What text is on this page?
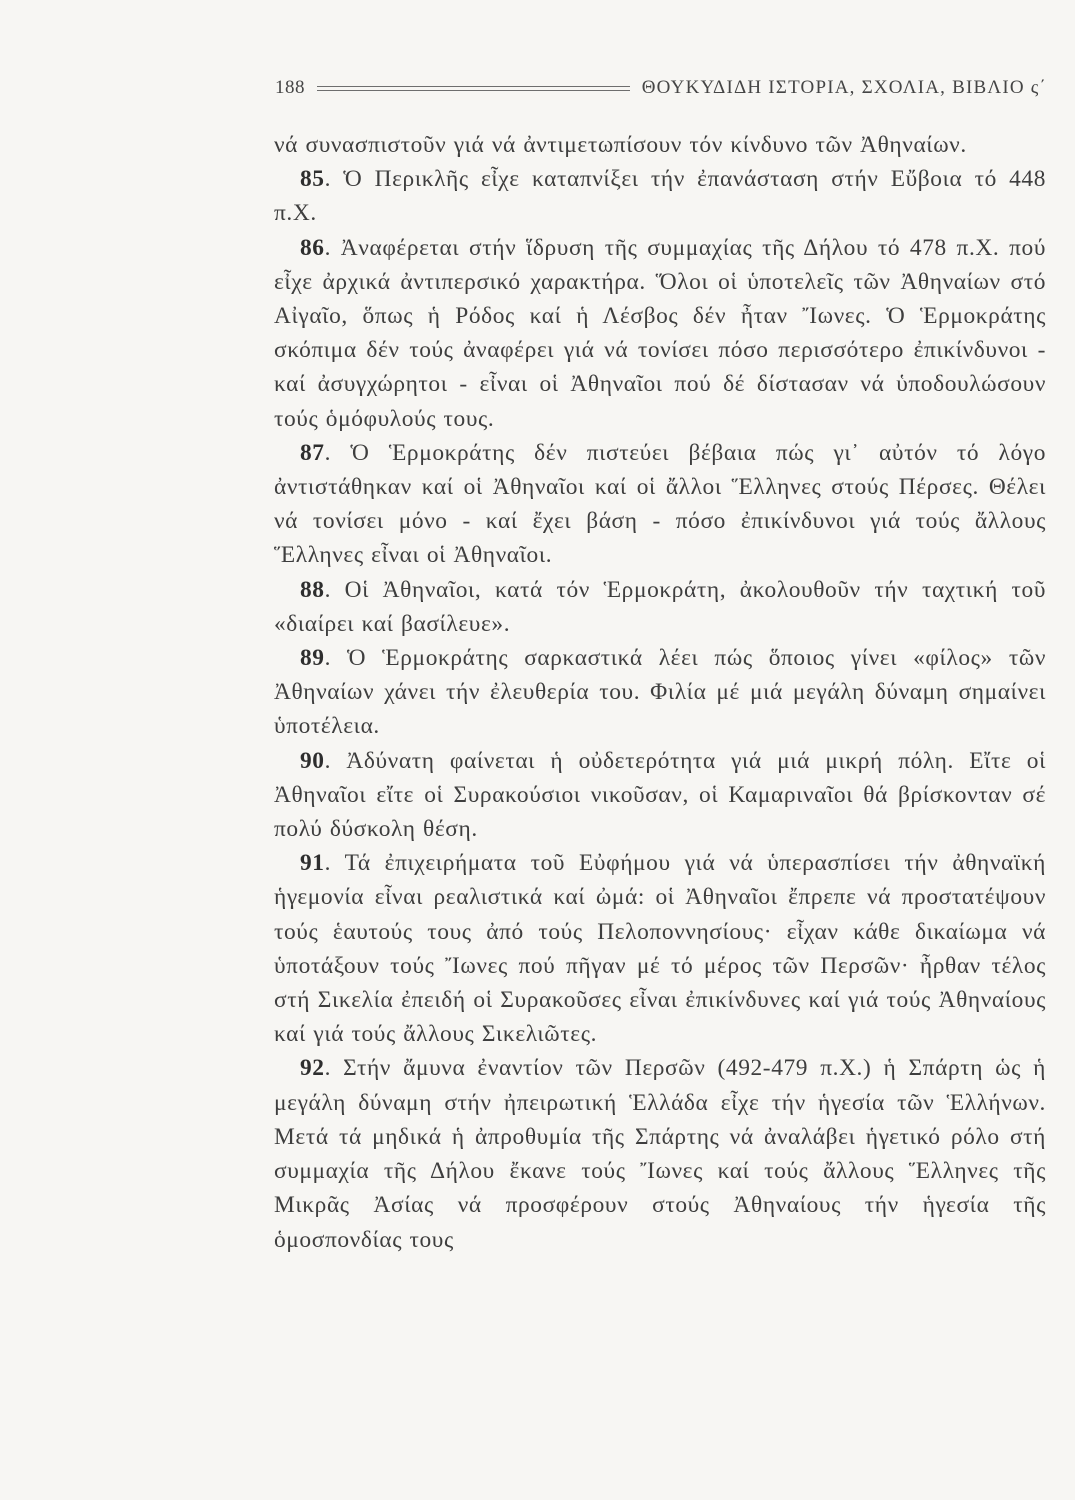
188	ΘΟΥΚΥΔΙΔΗ ΙΣΤΟΡΙΑ, ΣΧΟΛΙΑ, ΒΙΒΛΙΟ ς΄

νά συνασπιστοῦν γιά νά ἀντιμετωπίσουν τόν κίνδυνο τῶν Ἀθηναίων.

85. Ὁ Περικλῆς εἶχε καταπνίξει τήν ἐπανάσταση στήν Εὔβοια τό 448 π.Χ.

86. Ἀναφέρεται στήν ἵδρυση τῆς συμμαχίας τῆς Δήλου τό 478 π.Χ. πού εἶχε ἀρχικά ἀντιπερσικό χαρακτήρα. Ὅλοι οἱ ὑποτελεῖς τῶν Ἀθηναίων στό Αἰγαῖο, ὅπως ἡ Ρόδος καί ἡ Λέσβος δέν ἦταν Ἴωνες. Ὁ Ἑρμοκράτης σκόπιμα δέν τούς ἀναφέρει γιά νά τονίσει πόσο περισσότερο ἐπικίνδυνοι - καί ἀσυγχώρητοι - εἶναι οἱ Ἀθηναῖοι πού δέ δίστασαν νά ὑποδουλώσουν τούς ὁμόφυλούς τους.

87. Ὁ Ἑρμοκράτης δέν πιστεύει βέβαια πώς γι᾿ αὐτόν τό λόγο ἀντιστάθηκαν καί οἱ Ἀθηναῖοι καί οἱ ἄλλοι Ἕλληνες στούς Πέρσες. Θέλει νά τονίσει μόνο - καί ἔχει βάση - πόσο ἐπικίνδυνοι γιά τούς ἄλλους Ἕλληνες εἶναι οἱ Ἀθηναῖοι.

88. Οἱ Ἀθηναῖοι, κατά τόν Ἑρμοκράτη, ἀκολουθοῦν τήν ταχτική τοῦ «διαίρει καί βασίλευε».

89. Ὁ Ἑρμοκράτης σαρκαστικά λέει πώς ὅποιος γίνει «φίλος» τῶν Ἀθηναίων χάνει τήν ἐλευθερία του. Φιλία μέ μιά μεγάλη δύναμη σημαίνει ὑποτέλεια.

90. Ἀδύνατη φαίνεται ἡ οὐδετερότητα γιά μιά μικρή πόλη. Εἴτε οἱ Ἀθηναῖοι εἴτε οἱ Συρακούσιοι νικοῦσαν, οἱ Καμαριναῖοι θά βρίσκονταν σέ πολύ δύσκολη θέση.

91. Τά ἐπιχειρήματα τοῦ Εὐφήμου γιά νά ὑπερασπίσει τήν ἀθηναϊκή ἡγεμονία εἶναι ρεαλιστικά καί ὠμά: οἱ Ἀθηναῖοι ἔπρεπε νά προστατέψουν τούς ἑαυτούς τους ἀπό τούς Πελοποννησίους· εἶχαν κάθε δικαίωμα νά ὑποτάξουν τούς Ἴωνες πού πῆγαν μέ τό μέρος τῶν Περσῶν· ἦρθαν τέλος στή Σικελία ἐπειδή οἱ Συρακοῦσες εἶναι ἐπικίνδυνες καί γιά τούς Ἀθηναίους καί γιά τούς ἄλλους Σικελιῶτες.

92. Στήν ἄμυνα ἐναντίον τῶν Περσῶν (492-479 π.Χ.) ἡ Σπάρτη ὡς ἡ μεγάλη δύναμη στήν ἠπειρωτική Ἑλλάδα εἶχε τήν ἡγεσία τῶν Ἑλλήνων. Μετά τά μηδικά ἡ ἀπροθυμία τῆς Σπάρτης νά ἀναλάβει ἡγετικό ρόλο στή συμμαχία τῆς Δήλου ἔκανε τούς Ἴωνες καί τούς ἄλλους Ἕλληνες τῆς Μικρᾶς Ἀσίας νά προσφέρουν στούς Ἀθηναίους τήν ἡγεσία τῆς ὁμοσπονδίας τους
